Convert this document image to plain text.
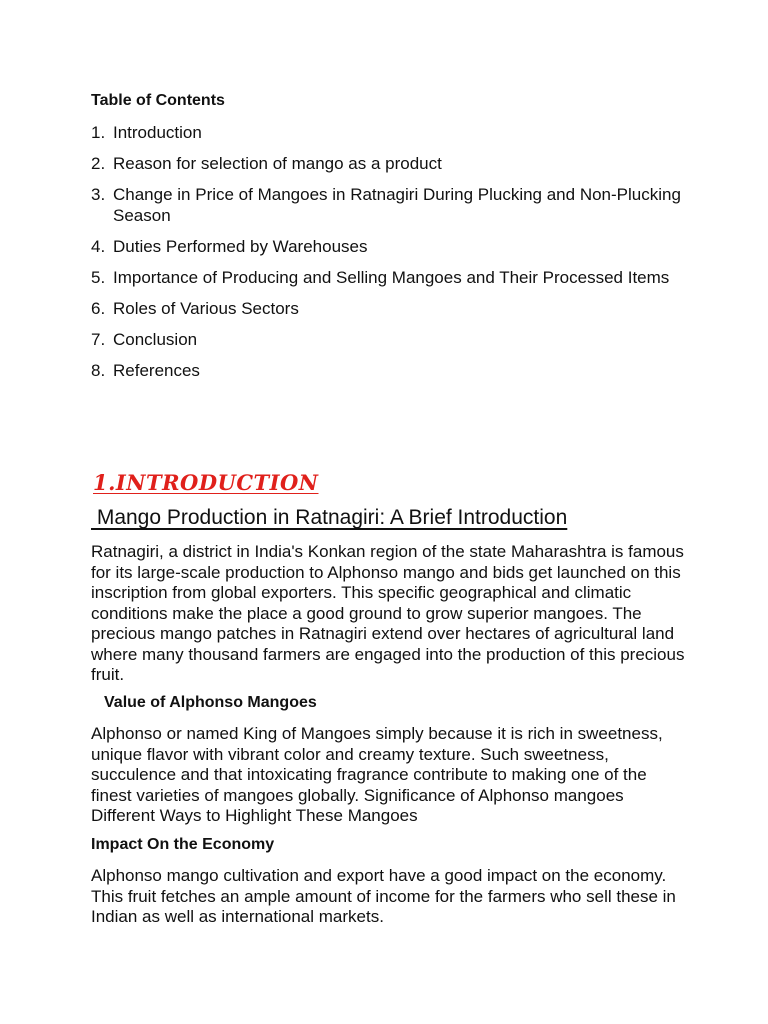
Table of Contents
1. Introduction
2. Reason for selection of mango as a product
3. Change in Price of Mangoes in Ratnagiri During Plucking and Non-Plucking Season
4. Duties Performed by Warehouses
5. Importance of Producing and Selling Mangoes and Their Processed Items
6. Roles of Various Sectors
7. Conclusion
8. References
1.INTRODUCTION
Mango Production in Ratnagiri: A Brief Introduction

Ratnagiri, a district in India's Konkan region of the state Maharashtra is famous for its large-scale production to Alphonso mango and bids get launched on this inscription from global exporters. This specific geographical and climatic conditions make the place a good ground to grow superior mangoes. The precious mango patches in Ratnagiri extend over hectares of agricultural land where many thousand farmers are engaged into the production of this precious fruit.

Value of Alphonso Mangoes

Alphonso or named King of Mangoes simply because it is rich in sweetness, unique flavor with vibrant color and creamy texture. Such sweetness, succulence and that intoxicating fragrance contribute to making one of the finest varieties of mangoes globally. Significance of Alphonso mangoes Different Ways to Highlight These Mangoes

Impact On the Economy

Alphonso mango cultivation and export have a good impact on the economy. This fruit fetches an ample amount of income for the farmers who sell these in Indian as well as international markets.
